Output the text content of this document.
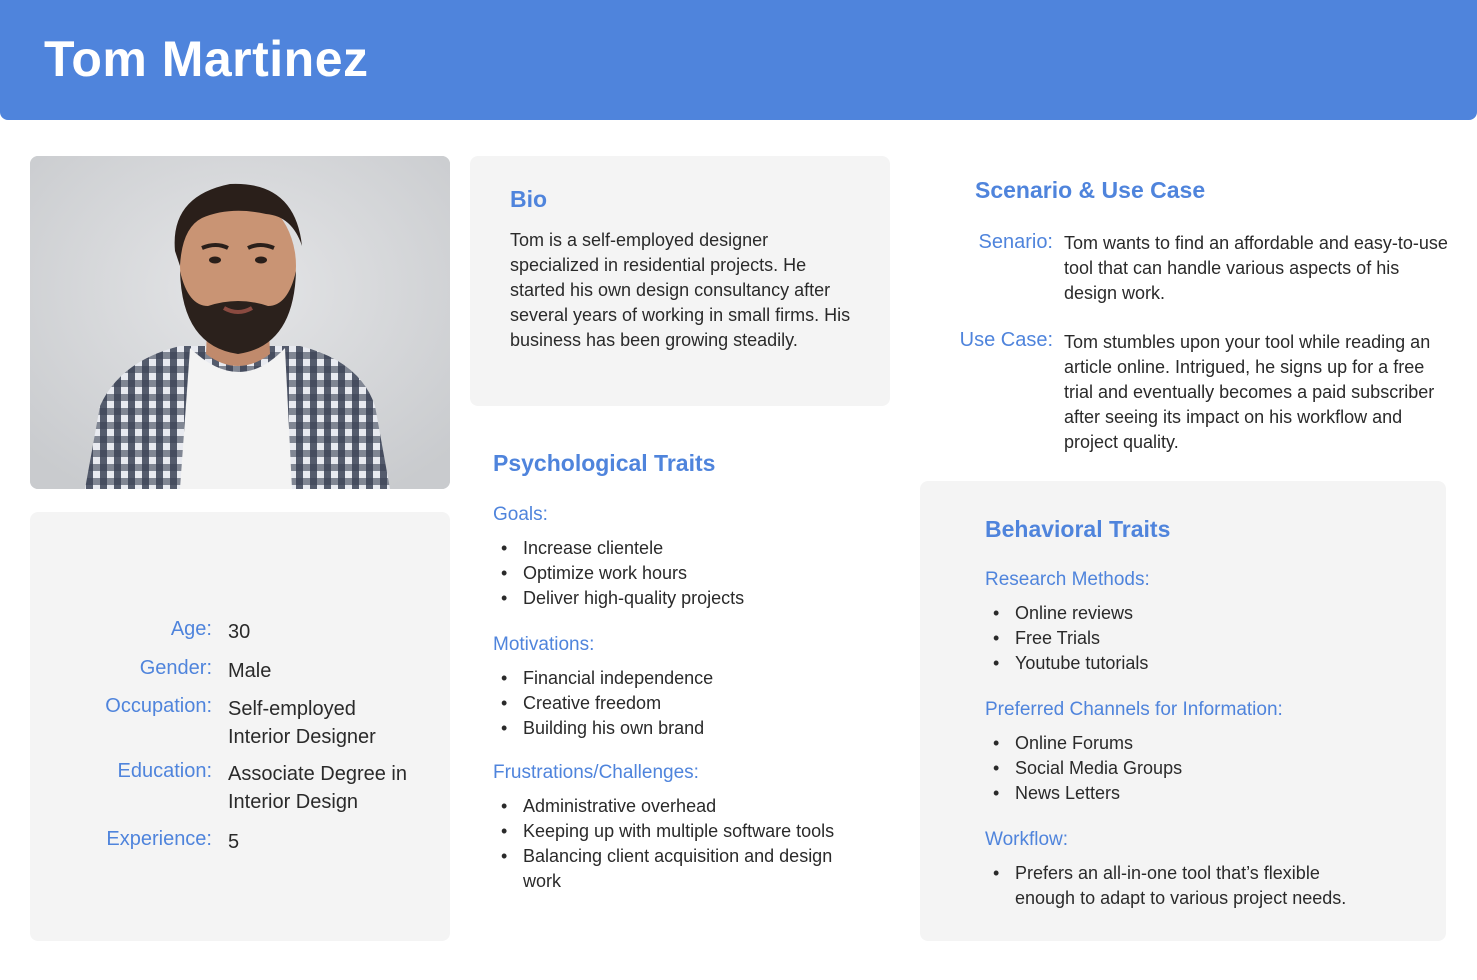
Tom Martinez
Age: 30
Gender: Male
Occupation: Self-employed
Interior Designer
Education: Associate Degree in
Interior Design
Experience: 5
Bio

Tom is a self-employed designer specialized in residential projects. He started his own design consultancy after several years of working in small firms. His business has been growing steadily.

Psychological Traits
Goals:
• Increase clientele
• Optimize work hours
• Deliver high-quality projects
Motivations:
• Financial independence
• Creative freedom
• Building his own brand
Frustrations/Challenges:
• Administrative overhead
• Keeping up with multiple software tools
• Balancing client acquisition and design work
Scenario & Use Case
Senario: Tom wants to find an affordable and easy-to-use tool that can handle various aspects of his design work.

Use Case: Tom stumbles upon your tool while reading an article online. Intrigued, he signs up for a free trial and eventually becomes a paid subscriber after seeing its impact on his workflow and project quality.

Behavioral Traits
Research Methods:
• Online reviews
• Free Trials
• Youtube tutorials
Preferred Channels for Information:
• Online Forums
• Social Media Groups
• News Letters
Workflow:
• Prefers an all-in-one tool that’s flexible enough to adapt to various project needs.
